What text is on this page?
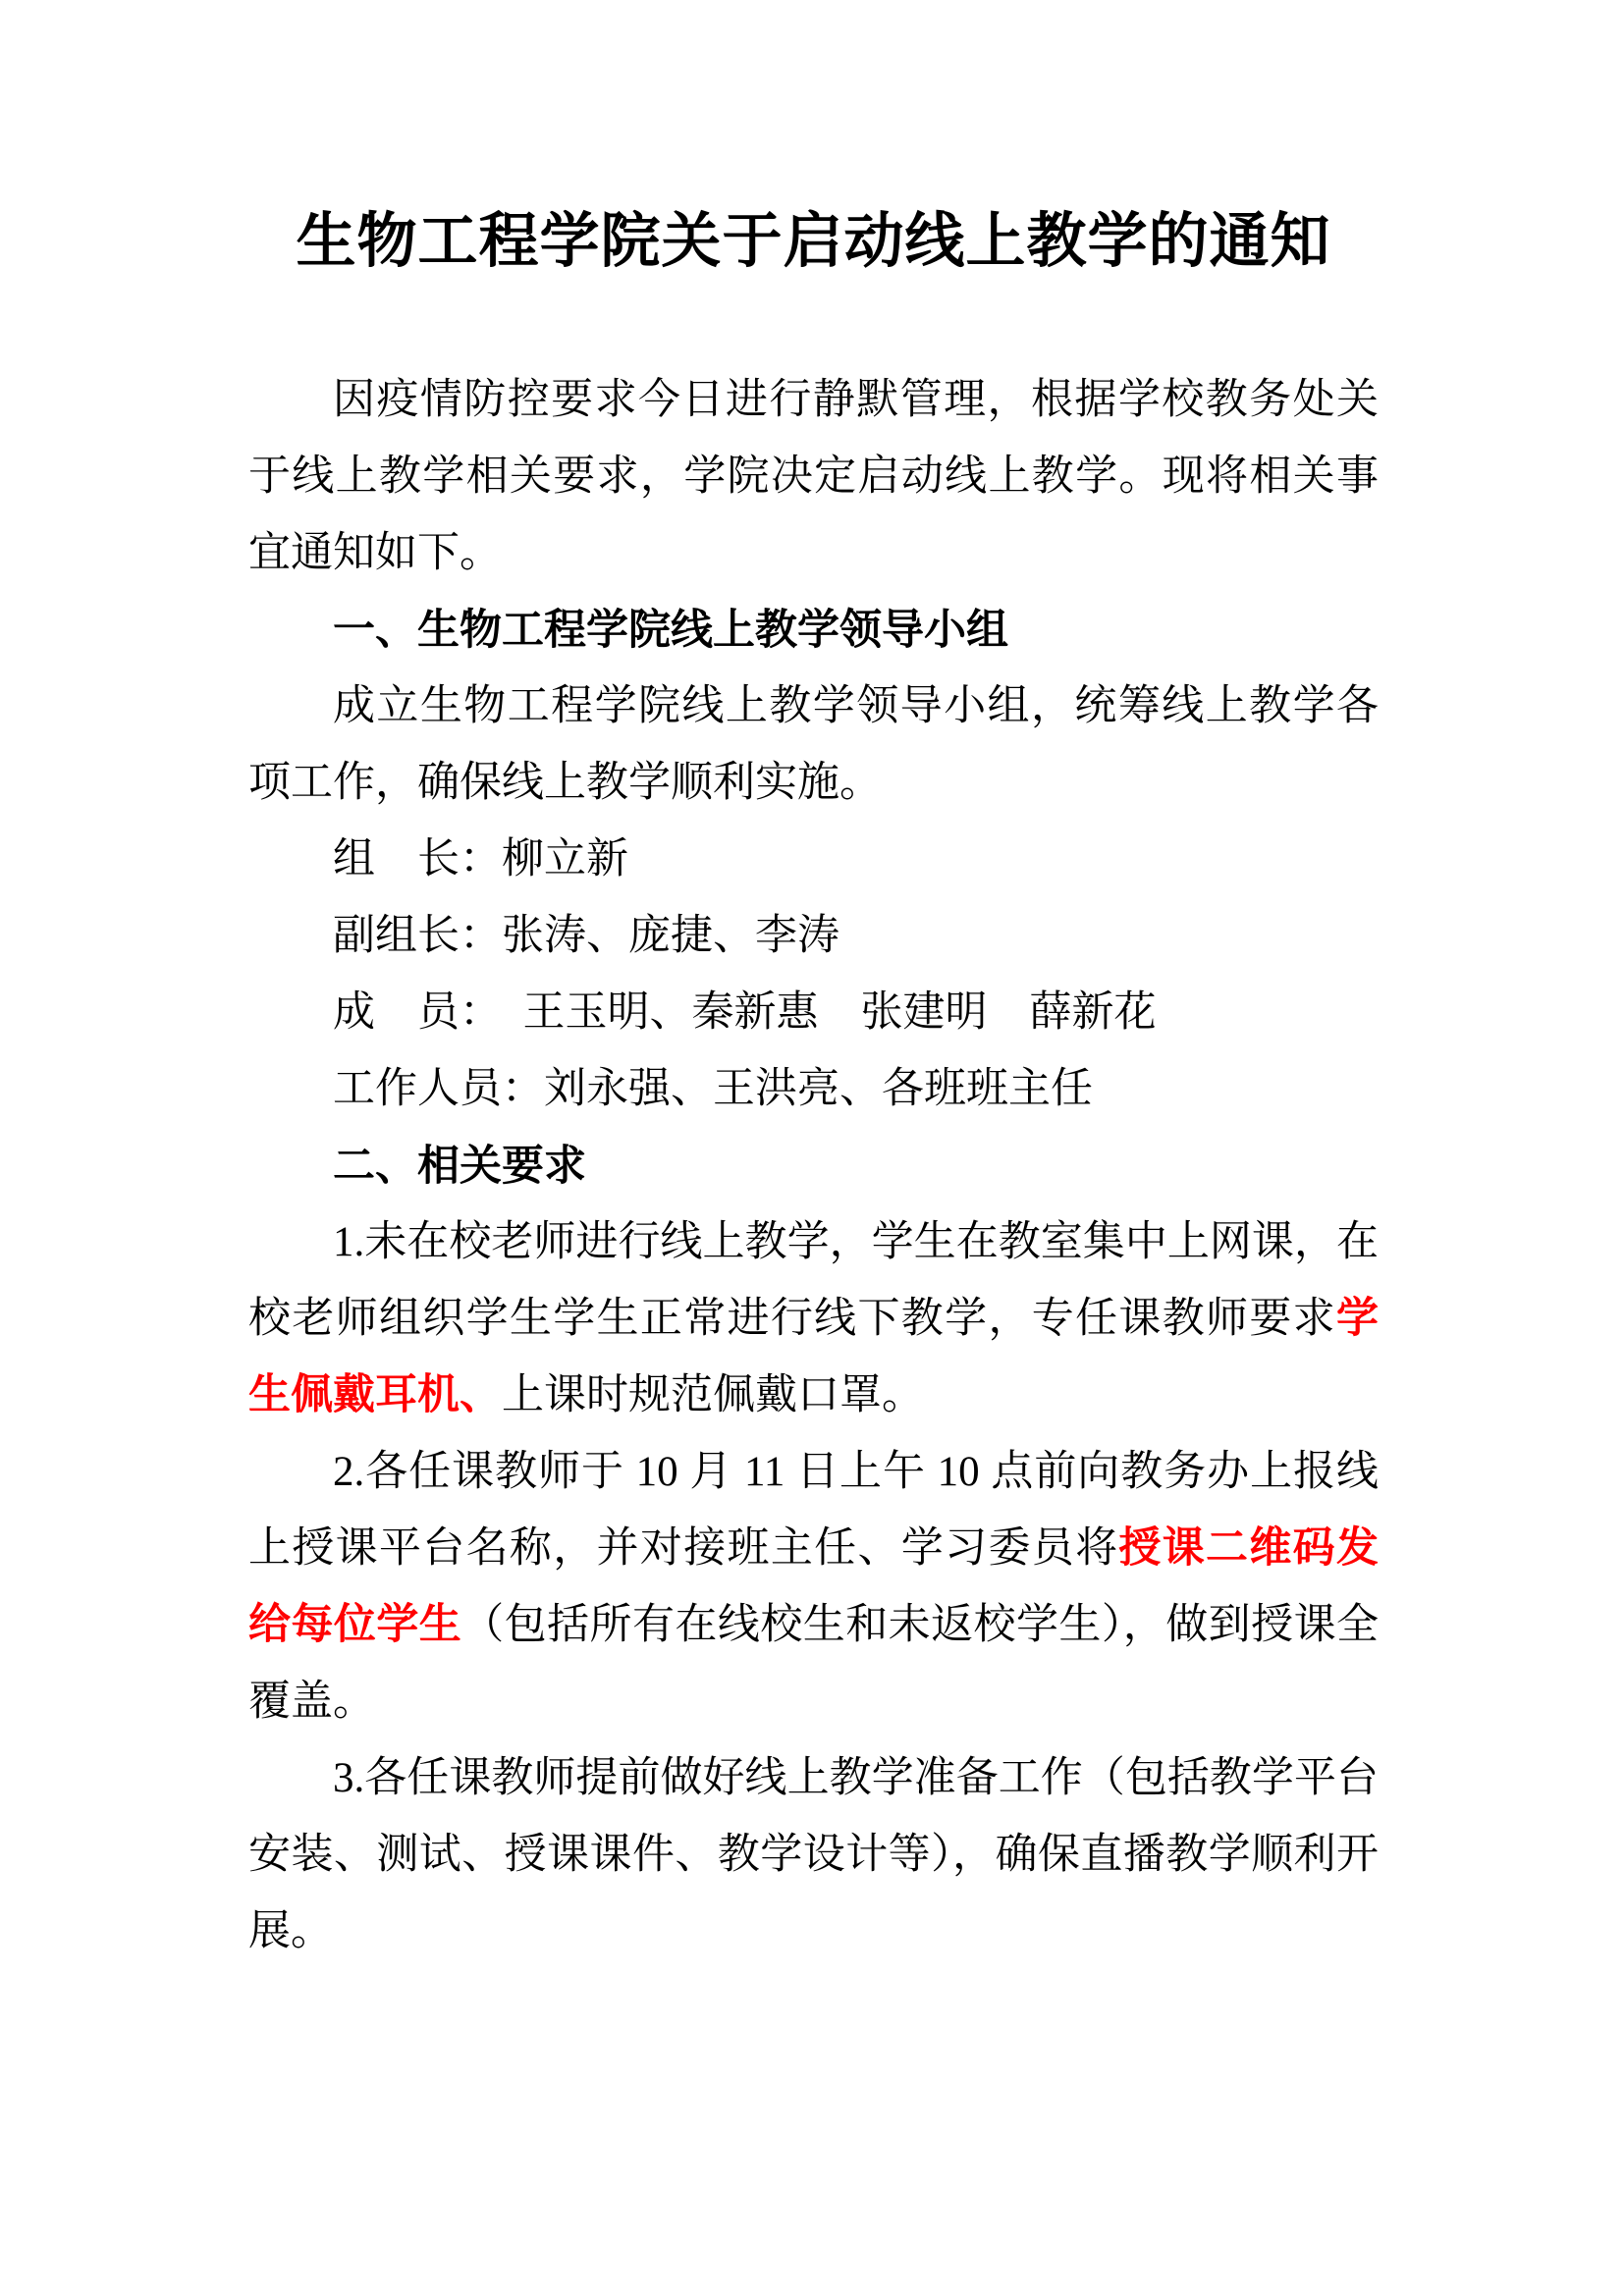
生物工程学院关于启动线上教学的通知

因疫情防控要求今日进行静默管理，根据学校教务处关于线上教学相关要求，学院决定启动线上教学。现将相关事宜通知如下。

一、生物工程学院线上教学领导小组

成立生物工程学院线上教学领导小组，统筹线上教学各项工作，确保线上教学顺利实施。

组　长：柳立新

副组长：张涛、庞捷、李涛

成　员：　王玉明、秦新惠　张建明　薛新花

工作人员：刘永强、王洪亮、各班班主任

二、相关要求

1.未在校老师进行线上教学，学生在教室集中上网课，在校老师组织学生学生正常进行线下教学，专任课教师要求学生佩戴耳机、上课时规范佩戴口罩。

2.各任课教师于 10 月 11 日上午 10 点前向教务办上报线上授课平台名称，并对接班主任、学习委员将授课二维码发给每位学生（包括所有在线校生和未返校学生），做到授课全覆盖。

3.各任课教师提前做好线上教学准备工作（包括教学平台安装、测试、授课课件、教学设计等），确保直播教学顺利开展。
